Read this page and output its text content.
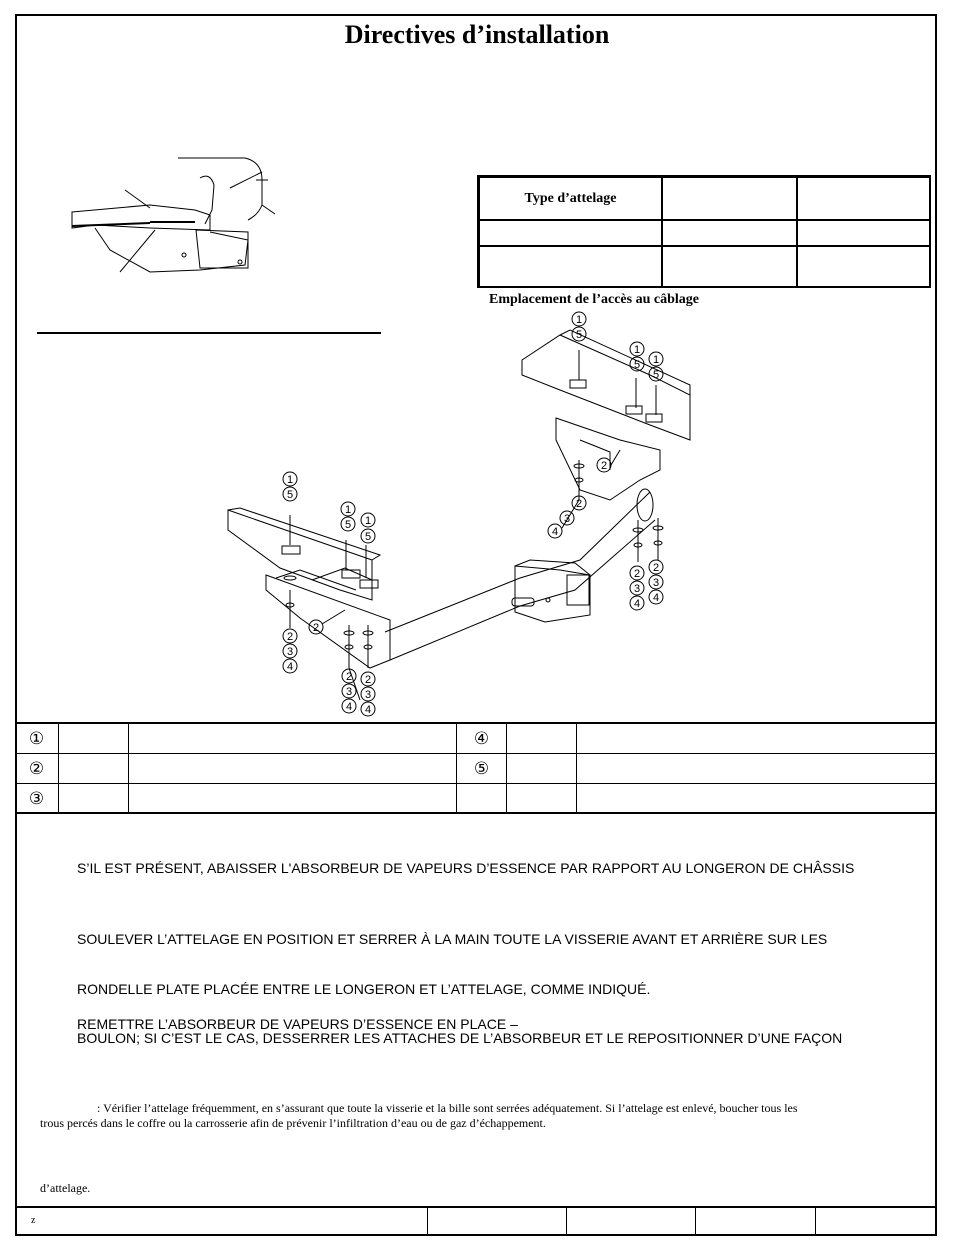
Directives d’installation
Type d’attelage
Emplacement de l’accès au câblage
1
5
1
5 1
5
2
3
4
2
2
3
4
2
3
4
1
5
1
5 1
5
2
2
3
4
2
3
4
2
3
4
①	④
②	⑤
③
S’IL EST PRÉSENT, ABAISSER L'ABSORBEUR DE VAPEURS D’ESSENCE PAR RAPPORT AU LONGERON DE CHÂSSIS
SOULEVER L’ATTELAGE EN POSITION ET SERRER À LA MAIN TOUTE LA VISSERIE AVANT ET ARRIÈRE SUR LES
RONDELLE PLATE PLACÉE ENTRE LE LONGERON ET L’ATTELAGE, COMME INDIQUÉ.
REMETTRE L’ABSORBEUR DE VAPEURS D’ESSENCE EN PLACE –
BOULON; SI C’EST LE CAS, DESSERRER LES ATTACHES DE L’ABSORBEUR ET LE REPOSITIONNER D’UNE FAÇON
: Vérifier l’attelage fréquemment, en s’assurant que toute la visserie et la bille sont serrées adéquatement. Si l’attelage est enlevé, boucher tous les
trous percés dans le coffre ou la carrosserie afin de prévenir l’infiltration d’eau ou de gaz d’échappement.
d’attelage.
z
